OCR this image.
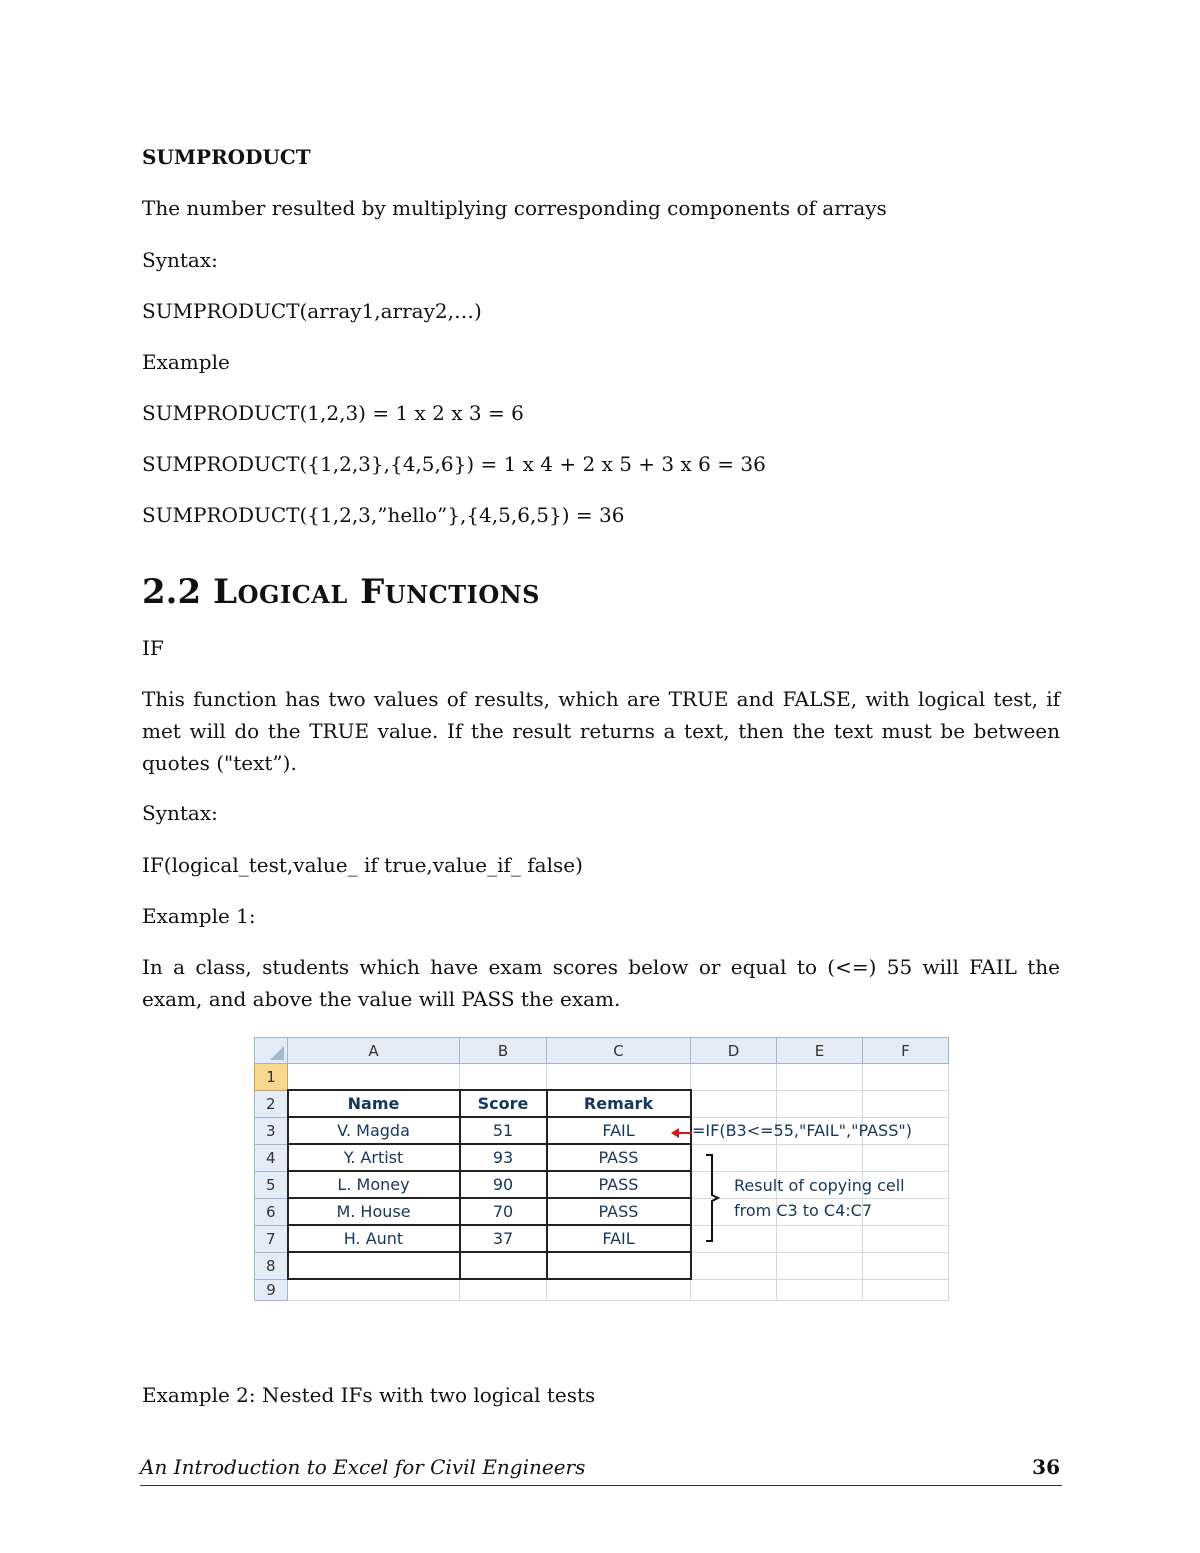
SUMPRODUCT

The number resulted by multiplying corresponding components of arrays

Syntax:

SUMPRODUCT(array1,array2,…)

Example

SUMPRODUCT(1,2,3) = 1 x 2 x 3 = 6

SUMPRODUCT({1,2,3},{4,5,6}) = 1 x 4 + 2 x 5 + 3 x 6 = 36

SUMPRODUCT({1,2,3,”hello”},{4,5,6,5}) = 36

2.2 Logical Functions

IF

This function has two values of results, which are TRUE and FALSE, with logical test, if met will do the TRUE value. If the result returns a text, then the text must be between quotes ("text”).

Syntax:

IF(logical_test,value_ if true,value_if_ false)

Example 1:

In a class, students which have exam scores below or equal to (<=) 55 will FAIL the exam, and above the value will PASS the exam.

	A	B	C	D	E	F
1						
2	Name	Score	Remark			
3	V. Magda	51	FAIL			
4	Y. Artist	93	PASS			
5	L. Money	90	PASS			
6	M. House	70	PASS			
7	H. Aunt	37	FAIL			
8						
9						
=IF(B3<=55,"FAIL","PASS")
Result of copying cell
from C3 to C4:C7

Example 2: Nested IFs with two logical tests

An Introduction to Excel for Civil Engineers	36
